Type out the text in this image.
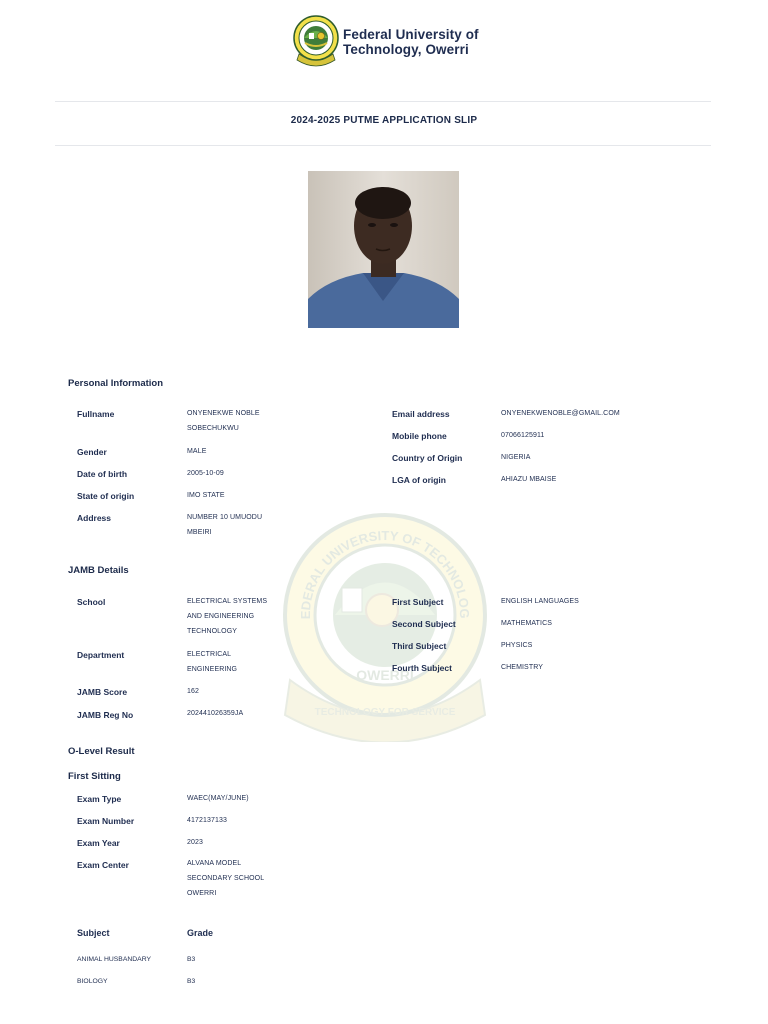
Federal University of
Technology, Owerri
2024-2025 PUTME APPLICATION SLIP
EDERAL UNIVERSITY OF TECHNOLOG
OWERRI
TECHNOLOGY FOR SERVICE
Personal Information
Fullname	ONYENEKWE NOBLE SOBECHUKWU
Gender	MALE
Date of birth	2005-10-09
State of origin	IMO STATE
Address	NUMBER 10 UMUODU MBEIRI
Email address	ONYENEKWENOBLE@GMAIL.COM
Mobile phone	07066125911
Country of Origin	NIGERIA
LGA of origin	AHIAZU MBAISE
JAMB Details
School	ELECTRICAL SYSTEMS AND ENGINEERING TECHNOLOGY
Department	ELECTRICAL ENGINEERING
JAMB Score	162
JAMB Reg No	202441026359JA
First Subject	ENGLISH LANGUAGES
Second Subject	MATHEMATICS
Third Subject	PHYSICS
Fourth Subject	CHEMISTRY
O-Level Result
First Sitting
Exam Type	WAEC(MAY/JUNE)
Exam Number	4172137133
Exam Year	2023
Exam Center	ALVANA MODEL SECONDARY SCHOOL OWERRI
Subject	Grade
ANIMAL HUSBANDARY	B3
BIOLOGY	B3
